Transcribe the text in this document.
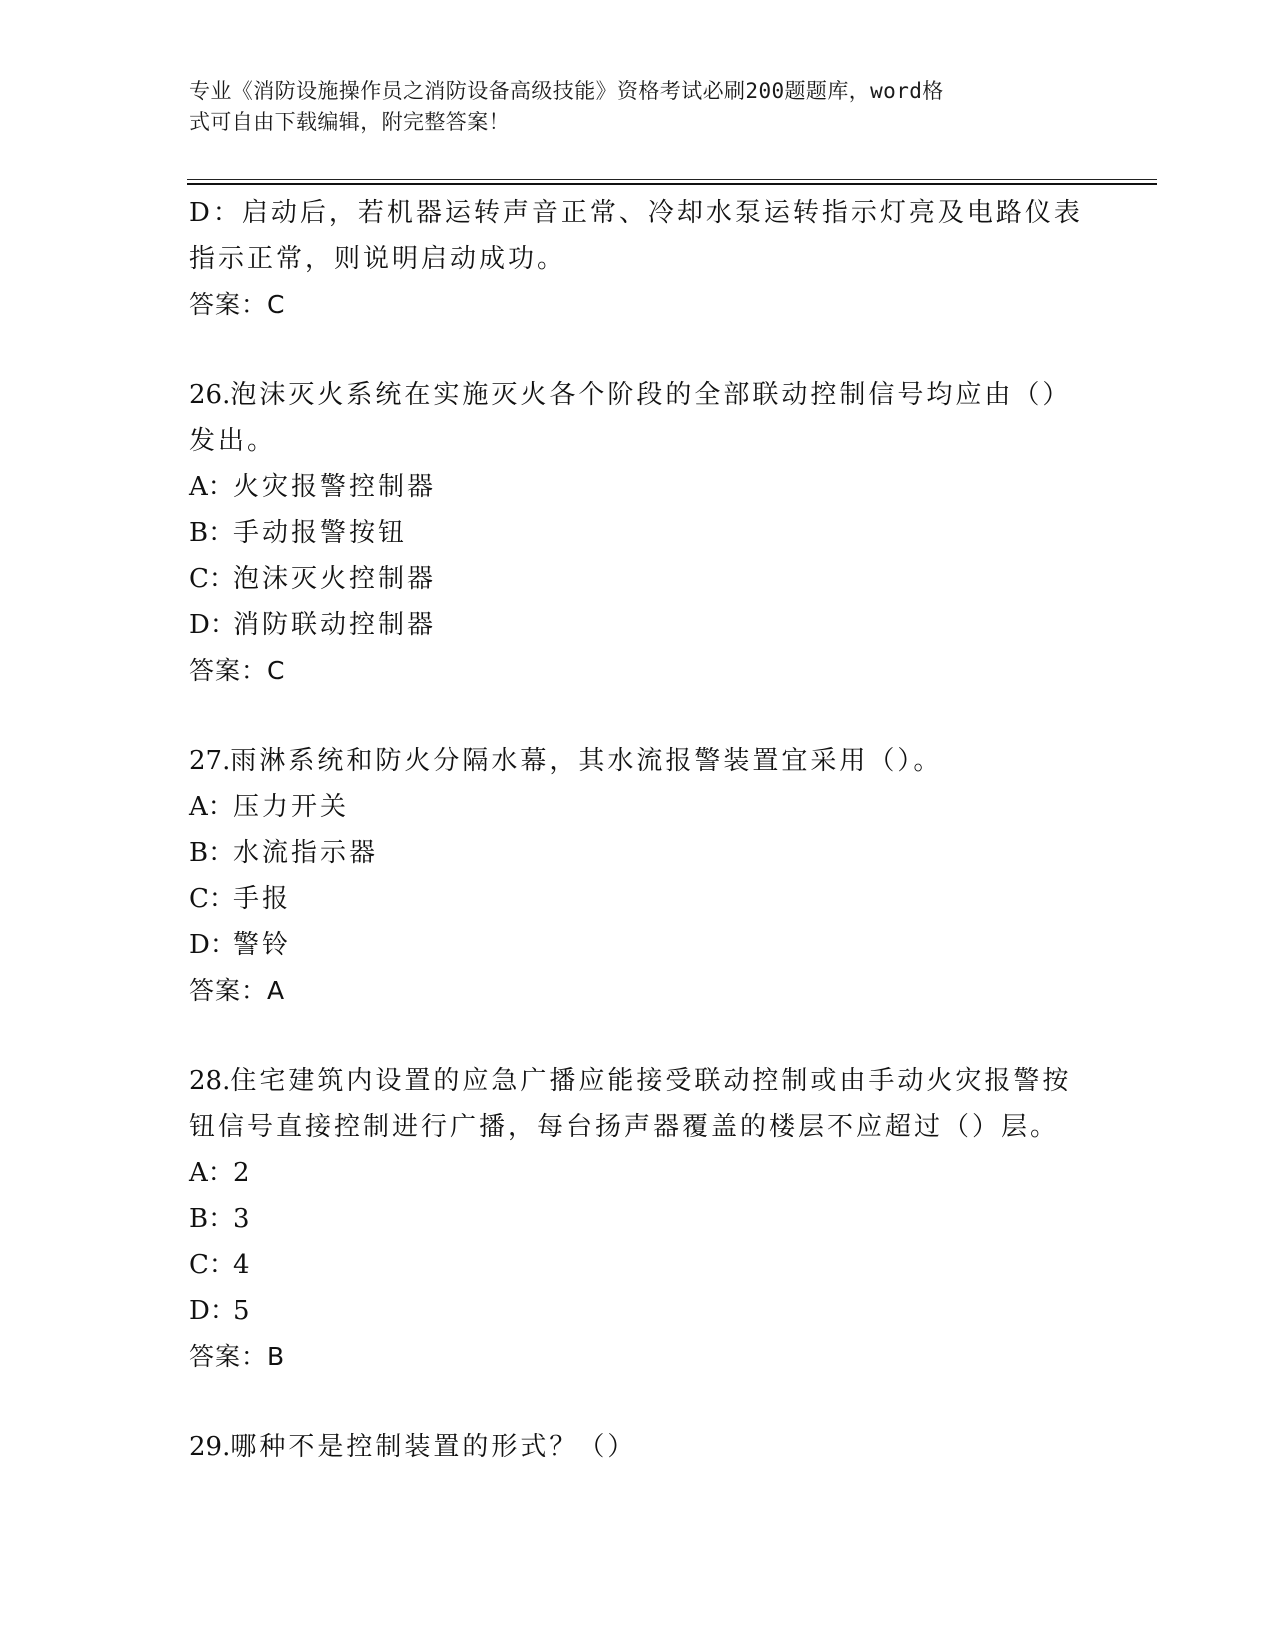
专业《消防设施操作员之消防设备高级技能》资格考试必刷200题题库，word格
式可自由下载编辑，附完整答案！
D：启动后，若机器运转声音正常、冷却水泵运转指示灯亮及电路仪表
指示正常，则说明启动成功。
答案：C
26.泡沫灭火系统在实施灭火各个阶段的全部联动控制信号均应由（）
发出。
A：火灾报警控制器
B：手动报警按钮
C：泡沫灭火控制器
D：消防联动控制器
答案：C
27.雨淋系统和防火分隔水幕，其水流报警装置宜采用（）。
A：压力开关
B：水流指示器
C：手报
D：警铃
答案：A
28.住宅建筑内设置的应急广播应能接受联动控制或由手动火灾报警按
钮信号直接控制进行广播，每台扬声器覆盖的楼层不应超过（）层。
A：2
B：3
C：4
D：5
答案：B
29.哪种不是控制装置的形式？（）
